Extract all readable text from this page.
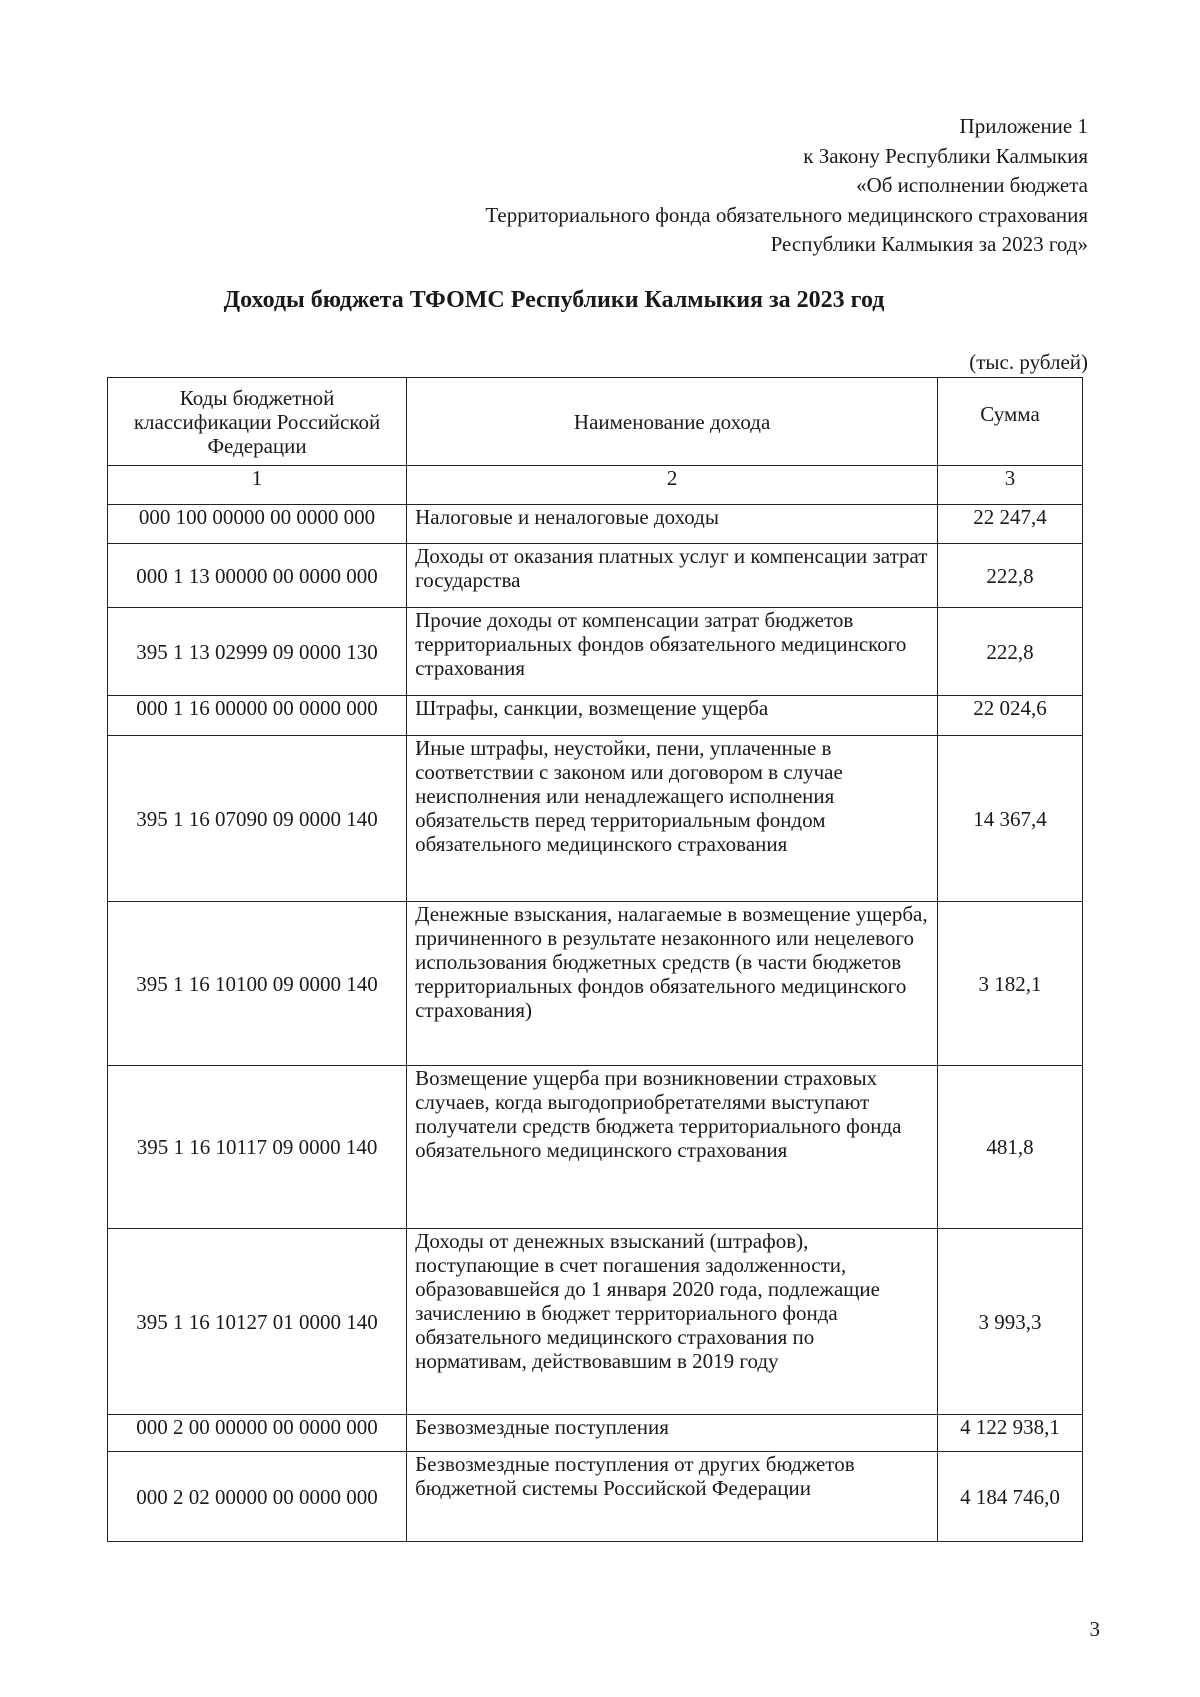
Приложение 1
к Закону Республики Калмыкия
«Об исполнении бюджета
Территориального фонда обязательного медицинского страхования
Республики Калмыкия за 2023 год»
Доходы бюджета ТФОМС Республики Калмыкия за 2023 год
(тыс. рублей)
Коды бюджетной классификации Российской Федерации	Наименование дохода	Сумма
1	2	3
000 100 00000 00 0000 000	Налоговые и неналоговые доходы	22 247,4
000 1 13 00000 00 0000 000	Доходы от оказания платных услуг и компенсации затрат государства	222,8
395 1 13 02999 09 0000 130	Прочие доходы от компенсации затрат бюджетов территориальных фондов обязательного медицинского страхования	222,8
000 1 16 00000 00 0000 000	Штрафы, санкции, возмещение ущерба	22 024,6
395 1 16 07090 09 0000 140	Иные штрафы, неустойки, пени, уплаченные в соответствии с законом или договором в случае неисполнения или ненадлежащего исполнения обязательств перед территориальным фондом обязательного медицинского страхования	14 367,4
395 1 16 10100 09 0000 140	Денежные взыскания, налагаемые в возмещение ущерба, причиненного в результате незаконного или нецелевого использования бюджетных средств (в части бюджетов территориальных фондов обязательного медицинского страхования)	3 182,1
395 1 16 10117 09 0000 140	Возмещение ущерба при возникновении страховых случаев, когда выгодоприобретателями выступают получатели средств бюджета территориального фонда обязательного медицинского страхования	481,8
395 1 16 10127 01 0000 140	Доходы от денежных взысканий (штрафов), поступающие в счет погашения задолженности, образовавшейся до 1 января 2020 года, подлежащие зачислению в бюджет территориального фонда обязательного медицинского страхования по нормативам, действовавшим в 2019 году	3 993,3
000 2 00 00000 00 0000 000	Безвозмездные поступления	4 122 938,1
000 2 02 00000 00 0000 000	Безвозмездные поступления от других бюджетов бюджетной системы Российской Федерации	4 184 746,0
3
